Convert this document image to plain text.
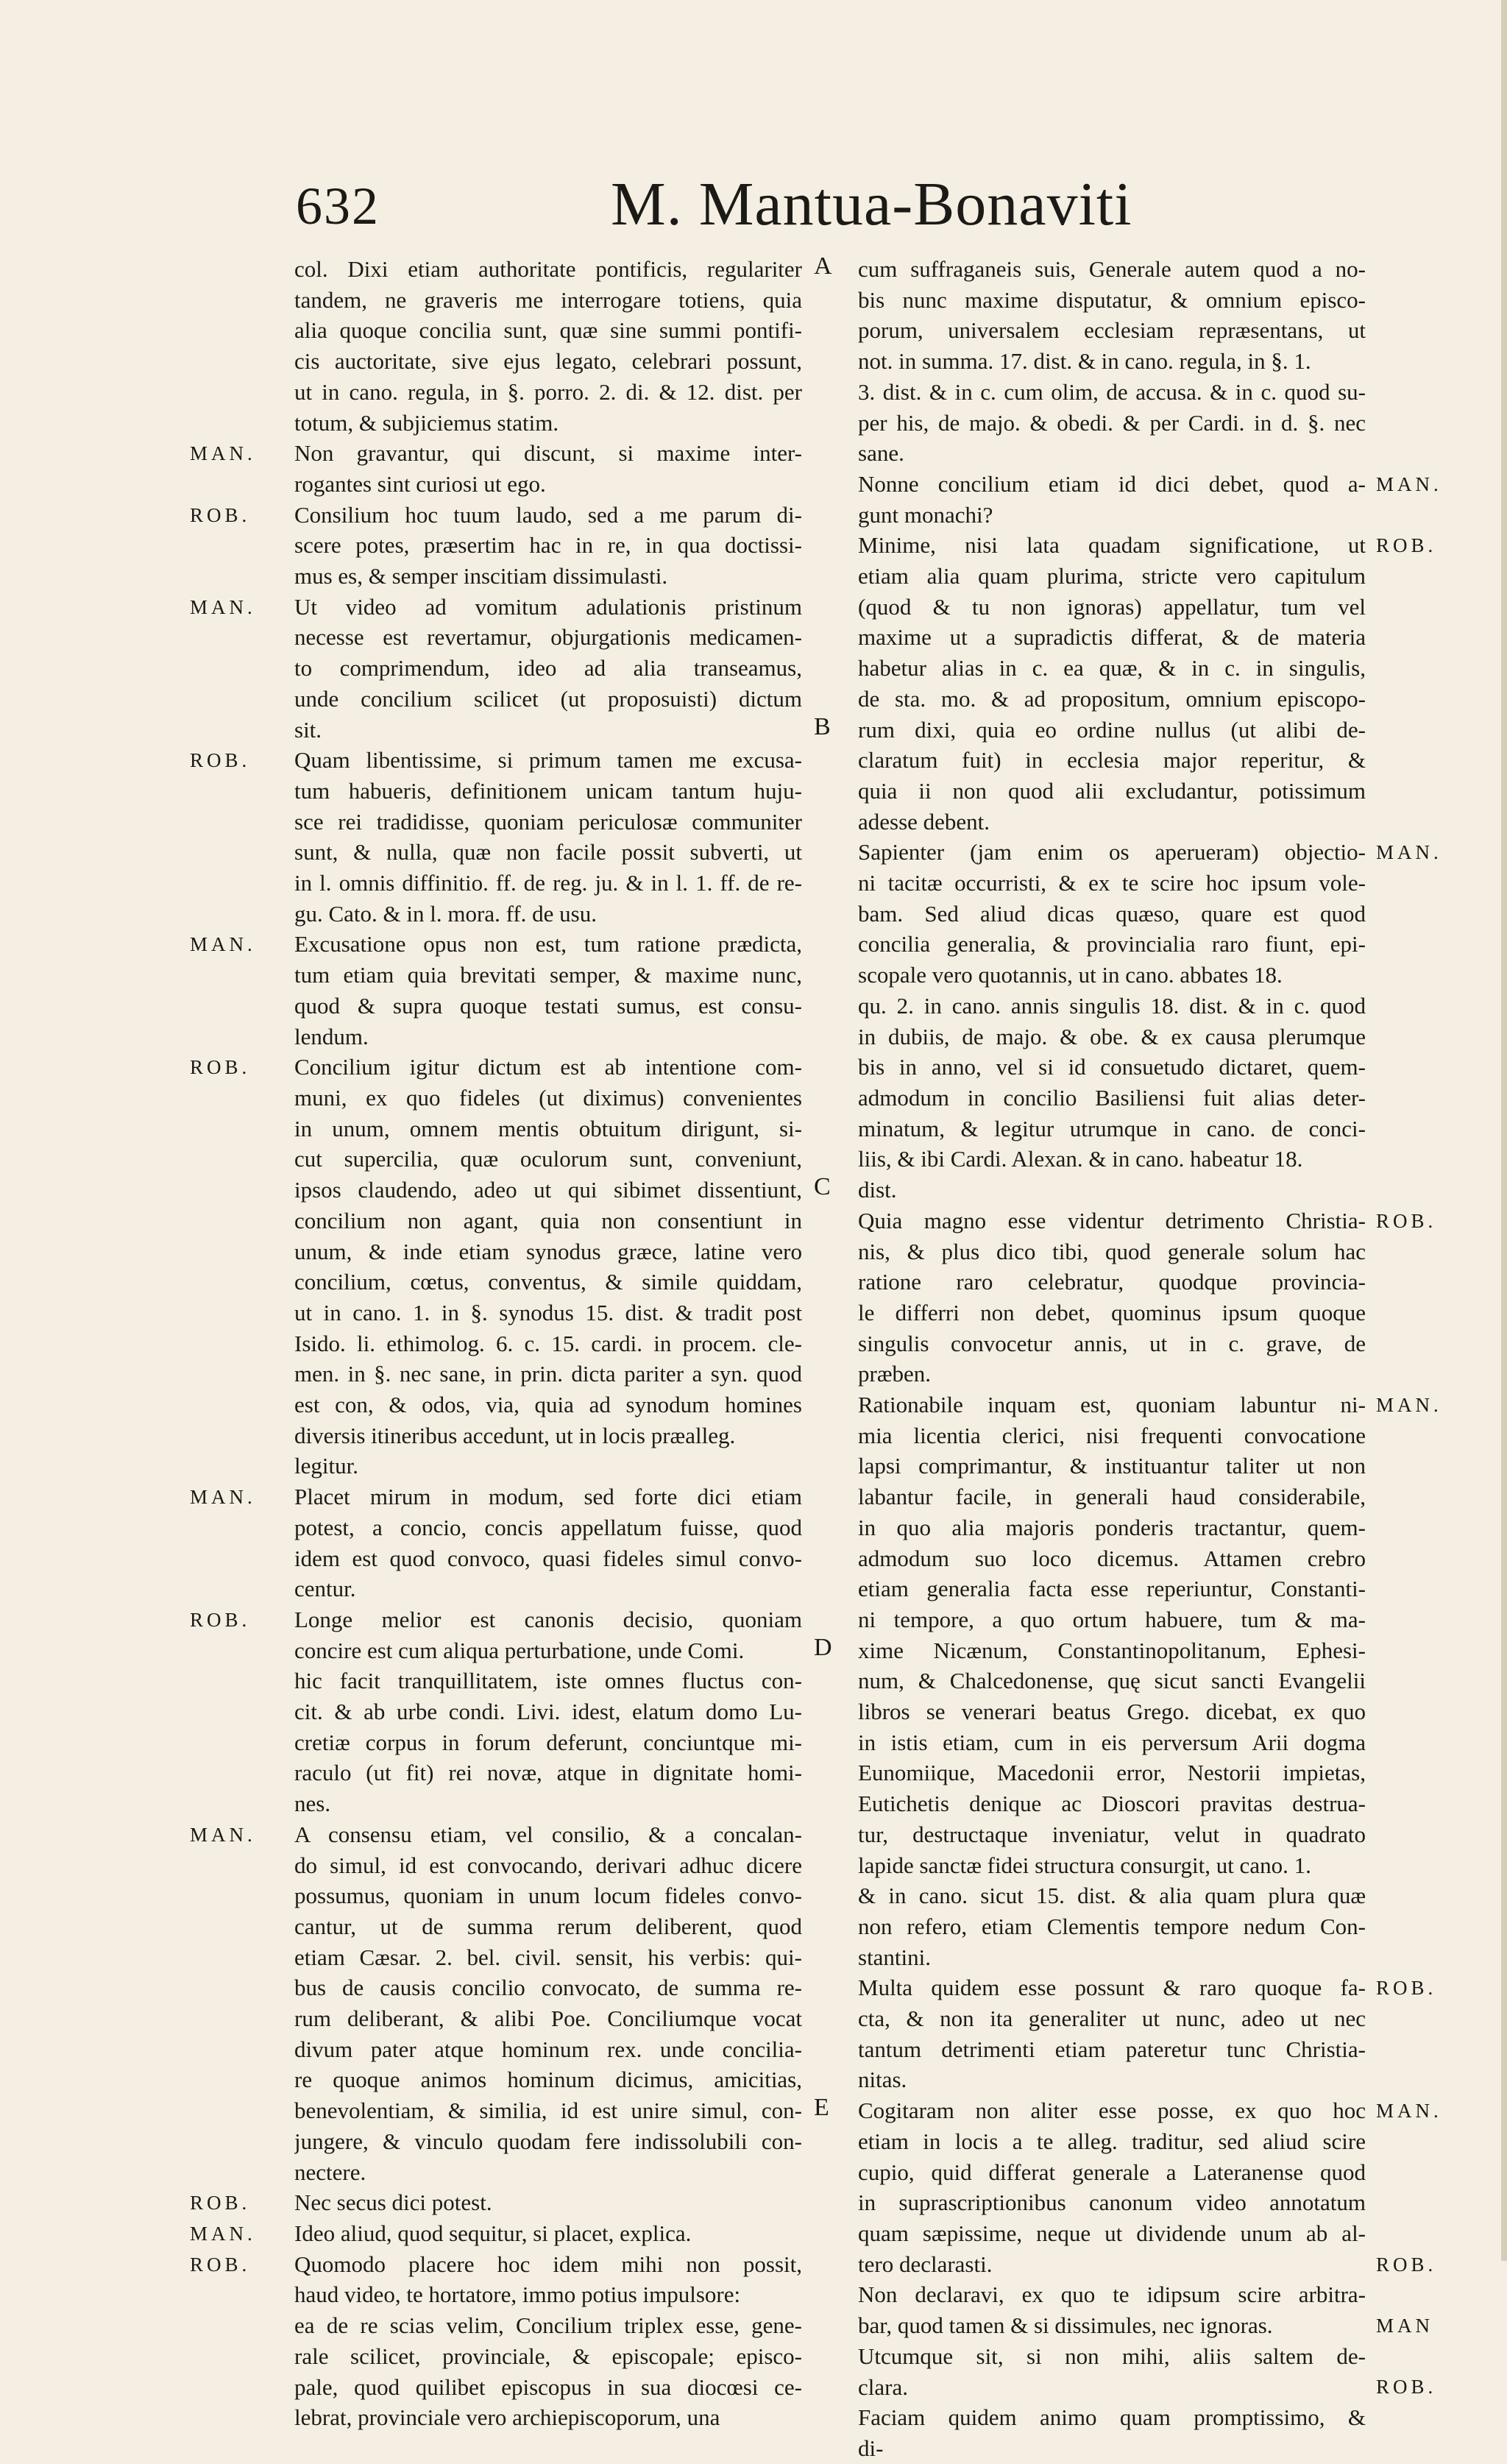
632	M. Mantua-Bonaviti
col. Dixi etiam authoritate pontificis, regulariter
tandem, ne graveris me interrogare totiens, quia
alia quoque concilia sunt, quæ sine summi pontifi-
cis auctoritate, sive ejus legato, celebrari possunt,
ut in cano. regula, in §. porro. 2. di. & 12. dist. per
totum, & subjiciemus statim.
Non gravantur, qui discunt, si maxime inter-
rogantes sint curiosi ut ego.
Consilium hoc tuum laudo, sed a me parum di-
scere potes, præsertim hac in re, in qua doctissi-
mus es, & semper inscitiam dissimulasti.
Ut video ad vomitum adulationis pristinum
necesse est revertamur, objurgationis medicamen-
to comprimendum, ideo ad alia transeamus,
unde concilium scilicet (ut proposuisti) dictum
sit.
Quam libentissime, si primum tamen me excusa-
tum habueris, definitionem unicam tantum huju-
sce rei tradidisse, quoniam periculosæ communiter
sunt, & nulla, quæ non facile possit subverti, ut
in l. omnis diffinitio. ff. de reg. ju. & in l. 1. ff. de re-
gu. Cato. & in l. mora. ff. de usu.
Excusatione opus non est, tum ratione prædicta,
tum etiam quia brevitati semper, & maxime nunc,
quod & supra quoque testati sumus, est consu-
lendum.
Concilium igitur dictum est ab intentione com-
muni, ex quo fideles (ut diximus) convenientes
in unum, omnem mentis obtuitum dirigunt, si-
cut supercilia, quæ oculorum sunt, conveniunt,
ipsos claudendo, adeo ut qui sibimet dissentiunt,
concilium non agant, quia non consentiunt in
unum, & inde etiam synodus græce, latine vero
concilium, cœtus, conventus, & simile quiddam,
ut in cano. 1. in §. synodus 15. dist. & tradit post
Isido. li. ethimolog. 6. c. 15. cardi. in procem. cle-
men. in §. nec sane, in prin. dicta pariter a syn. quod
est con, & odos, via, quia ad synodum homines
diversis itineribus accedunt, ut in locis præalleg.
legitur.
Placet mirum in modum, sed forte dici etiam
potest, a concio, concis appellatum fuisse, quod
idem est quod convoco, quasi fideles simul convo-
centur.
Longe melior est canonis decisio, quoniam
concire est cum aliqua perturbatione, unde Comi.
hic facit tranquillitatem, iste omnes fluctus con-
cit. & ab urbe condi. Livi. idest, elatum domo Lu-
cretiæ corpus in forum deferunt, conciuntque mi-
raculo (ut fit) rei novæ, atque in dignitate homi-
nes.
A consensu etiam, vel consilio, & a concalan-
do simul, id est convocando, derivari adhuc dicere
possumus, quoniam in unum locum fideles convo-
cantur, ut de summa rerum deliberent, quod
etiam Cæsar. 2. bel. civil. sensit, his verbis: qui-
bus de causis concilio convocato, de summa re-
rum deliberant, & alibi Poe. Conciliumque vocat
divum pater atque hominum rex. unde concilia-
re quoque animos hominum dicimus, amicitias,
benevolentiam, & similia, id est unire simul, con-
jungere, & vinculo quodam fere indissolubili con-
nectere.
Nec secus dici potest.
Ideo aliud, quod sequitur, si placet, explica.
Quomodo placere hoc idem mihi non possit,
haud video, te hortatore, immo potius impulsore:
ea de re scias velim, Concilium triplex esse, gene-
rale scilicet, provinciale, & episcopale; episco-
pale, quod quilibet episcopus in sua diocœsi ce-
lebrat, provinciale vero archiepiscoporum, una
cum suffraganeis suis, Generale autem quod a no-
bis nunc maxime disputatur, & omnium episco-
porum, universalem ecclesiam repræsentans, ut
not. in summa. 17. dist. & in cano. regula, in §. 1.
3. dist. & in c. cum olim, de accusa. & in c. quod su-
per his, de majo. & obedi. & per Cardi. in d. §. nec
sane.
Nonne concilium etiam id dici debet, quod a-
gunt monachi?
Minime, nisi lata quadam significatione, ut
etiam alia quam plurima, stricte vero capitulum
(quod & tu non ignoras) appellatur, tum vel
maxime ut a supradictis differat, & de materia
habetur alias in c. ea quæ, & in c. in singulis,
de sta. mo. & ad propositum, omnium episcopo-
rum dixi, quia eo ordine nullus (ut alibi de-
claratum fuit) in ecclesia major reperitur, &
quia ii non quod alii excludantur, potissimum
adesse debent.
Sapienter (jam enim os aperueram) objectio-
ni tacitæ occurristi, & ex te scire hoc ipsum vole-
bam. Sed aliud dicas quæso, quare est quod
concilia generalia, & provincialia raro fiunt, epi-
scopale vero quotannis, ut in cano. abbates 18.
qu. 2. in cano. annis singulis 18. dist. & in c. quod
in dubiis, de majo. & obe. & ex causa plerumque
bis in anno, vel si id consuetudo dictaret, quem-
admodum in concilio Basiliensi fuit alias deter-
minatum, & legitur utrumque in cano. de conci-
liis, & ibi Cardi. Alexan. & in cano. habeatur 18.
dist.
Quia magno esse videntur detrimento Christia-
nis, & plus dico tibi, quod generale solum hac
ratione raro celebratur, quodque provincia-
le differri non debet, quominus ipsum quoque
singulis convocetur annis, ut in c. grave, de
præben.
Rationabile inquam est, quoniam labuntur ni-
mia licentia clerici, nisi frequenti convocatione
lapsi comprimantur, & instituantur taliter ut non
labantur facile, in generali haud considerabile,
in quo alia majoris ponderis tractantur, quem-
admodum suo loco dicemus. Attamen crebro
etiam generalia facta esse reperiuntur, Constanti-
ni tempore, a quo ortum habuere, tum & ma-
xime Nicænum, Constantinopolitanum, Ephesi-
num, & Chalcedonense, quę sicut sancti Evangelii
libros se venerari beatus Grego. dicebat, ex quo
in istis etiam, cum in eis perversum Arii dogma
Eunomiique, Macedonii error, Nestorii impietas,
Eutichetis denique ac Dioscori pravitas destrua-
tur, destructaque inveniatur, velut in quadrato
lapide sanctæ fidei structura consurgit, ut cano. 1.
& in cano. sicut 15. dist. & alia quam plura quæ
non refero, etiam Clementis tempore nedum Con-
stantini.
Multa quidem esse possunt & raro quoque fa-
cta, & non ita generaliter ut nunc, adeo ut nec
tantum detrimenti etiam pateretur tunc Christia-
nitas.
Cogitaram non aliter esse posse, ex quo hoc
etiam in locis a te alleg. traditur, sed aliud scire
cupio, quid differat generale a Lateranense quod
in suprascriptionibus canonum video annotatum
quam sæpissime, neque ut dividende unum ab al-
tero declarasti.
Non declaravi, ex quo te idipsum scire arbitra-
bar, quod tamen & si dissimules, nec ignoras.
Utcumque sit, si non mihi, aliis saltem de-
clara.
Faciam quidem animo quam promptissimo, &
di-
MAN.
ROB.
MAN.
ROB.
MAN.
ROB.
MAN.
ROB.
MAN.
ROB.
MAN.
ROB.
MAN.
ROB.
MAN.
ROB.
MAN.
ROB.
MAN.
ROB.
MAN
ROB.
A
B
C
D
E
